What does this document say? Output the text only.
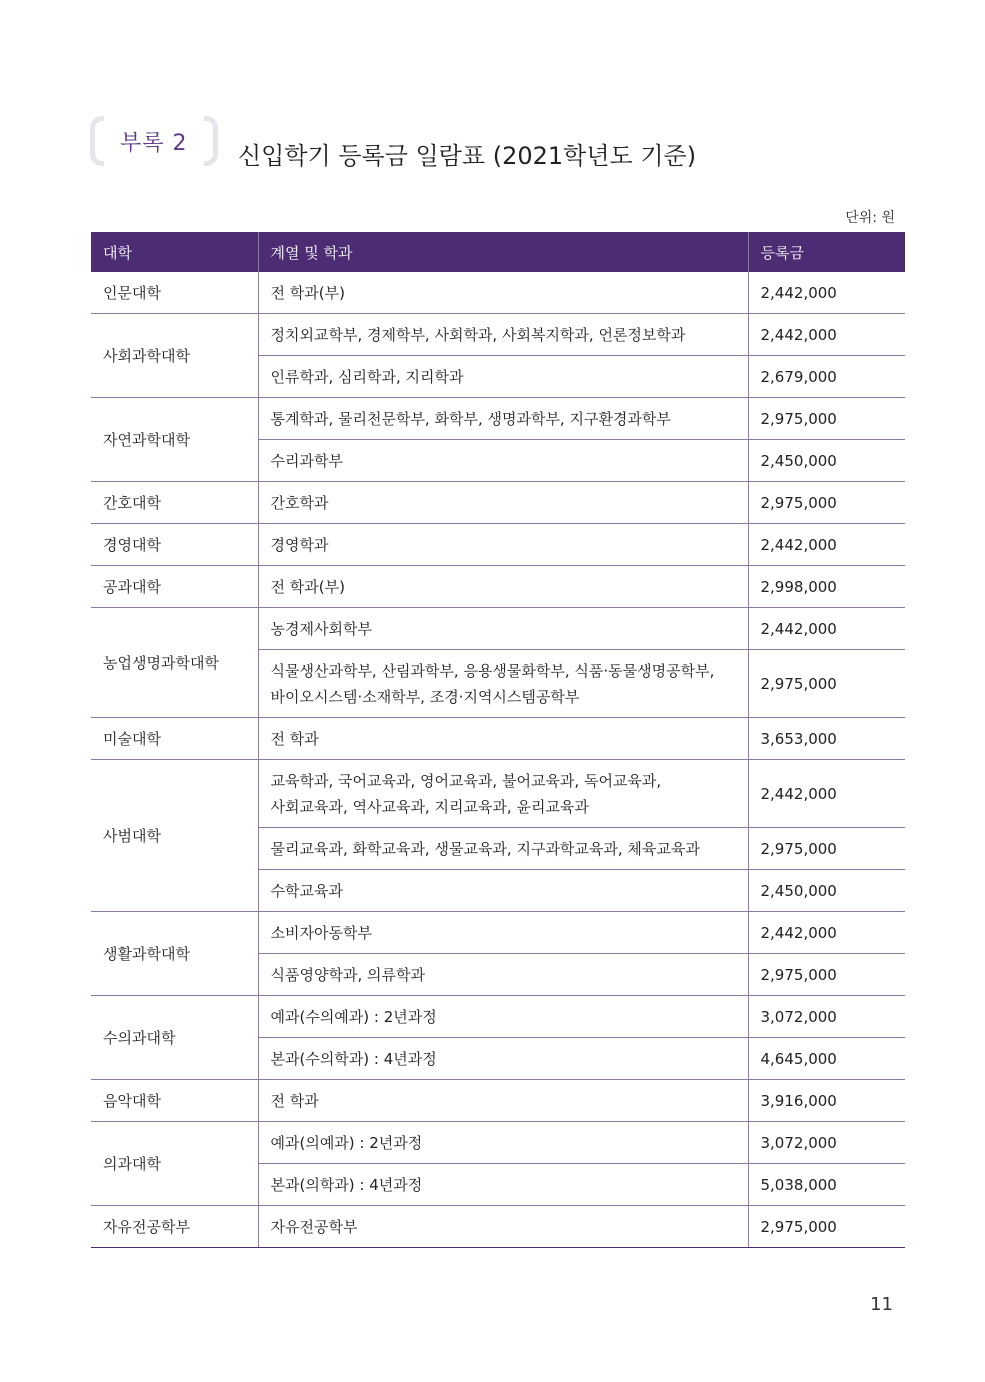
부록 2 신입학기 등록금 일람표 (2021학년도 기준)
단위: 원
대학	계열 및 학과	등록금
인문대학	전 학과(부)	2,442,000
사회과학대학	정치외교학부, 경제학부, 사회학과, 사회복지학과, 언론정보학과	2,442,000
	인류학과, 심리학과, 지리학과	2,679,000
자연과학대학	통계학과, 물리천문학부, 화학부, 생명과학부, 지구환경과학부	2,975,000
	수리과학부	2,450,000
간호대학	간호학과	2,975,000
경영대학	경영학과	2,442,000
공과대학	전 학과(부)	2,998,000
농업생명과학대학	농경제사회학부	2,442,000

	식물생산과학부, 산림과학부, 응용생물화학부, 식품·동물생명공학부,
바이오시스템·소재학부, 조경·지역시스템공학부	2,975,000
미술대학	전 학과	3,653,000
사범대학	교육학과, 국어교육과, 영어교육과, 불어교육과, 독어교육과,
사회교육과, 역사교육과, 지리교육과, 윤리교육과	2,442,000
	물리교육과, 화학교육과, 생물교육과, 지구과학교육과, 체육교육과	2,975,000
	수학교육과	2,450,000
생활과학대학	소비자아동학부	2,442,000
	식품영양학과, 의류학과	2,975,000
수의과대학	예과(수의예과) : 2년과정	3,072,000
	본과(수의학과) : 4년과정	4,645,000
음악대학	전 학과	3,916,000
의과대학	예과(의예과) : 2년과정	3,072,000
	본과(의학과) : 4년과정	5,038,000
자유전공학부	자유전공학부	2,975,000
11
